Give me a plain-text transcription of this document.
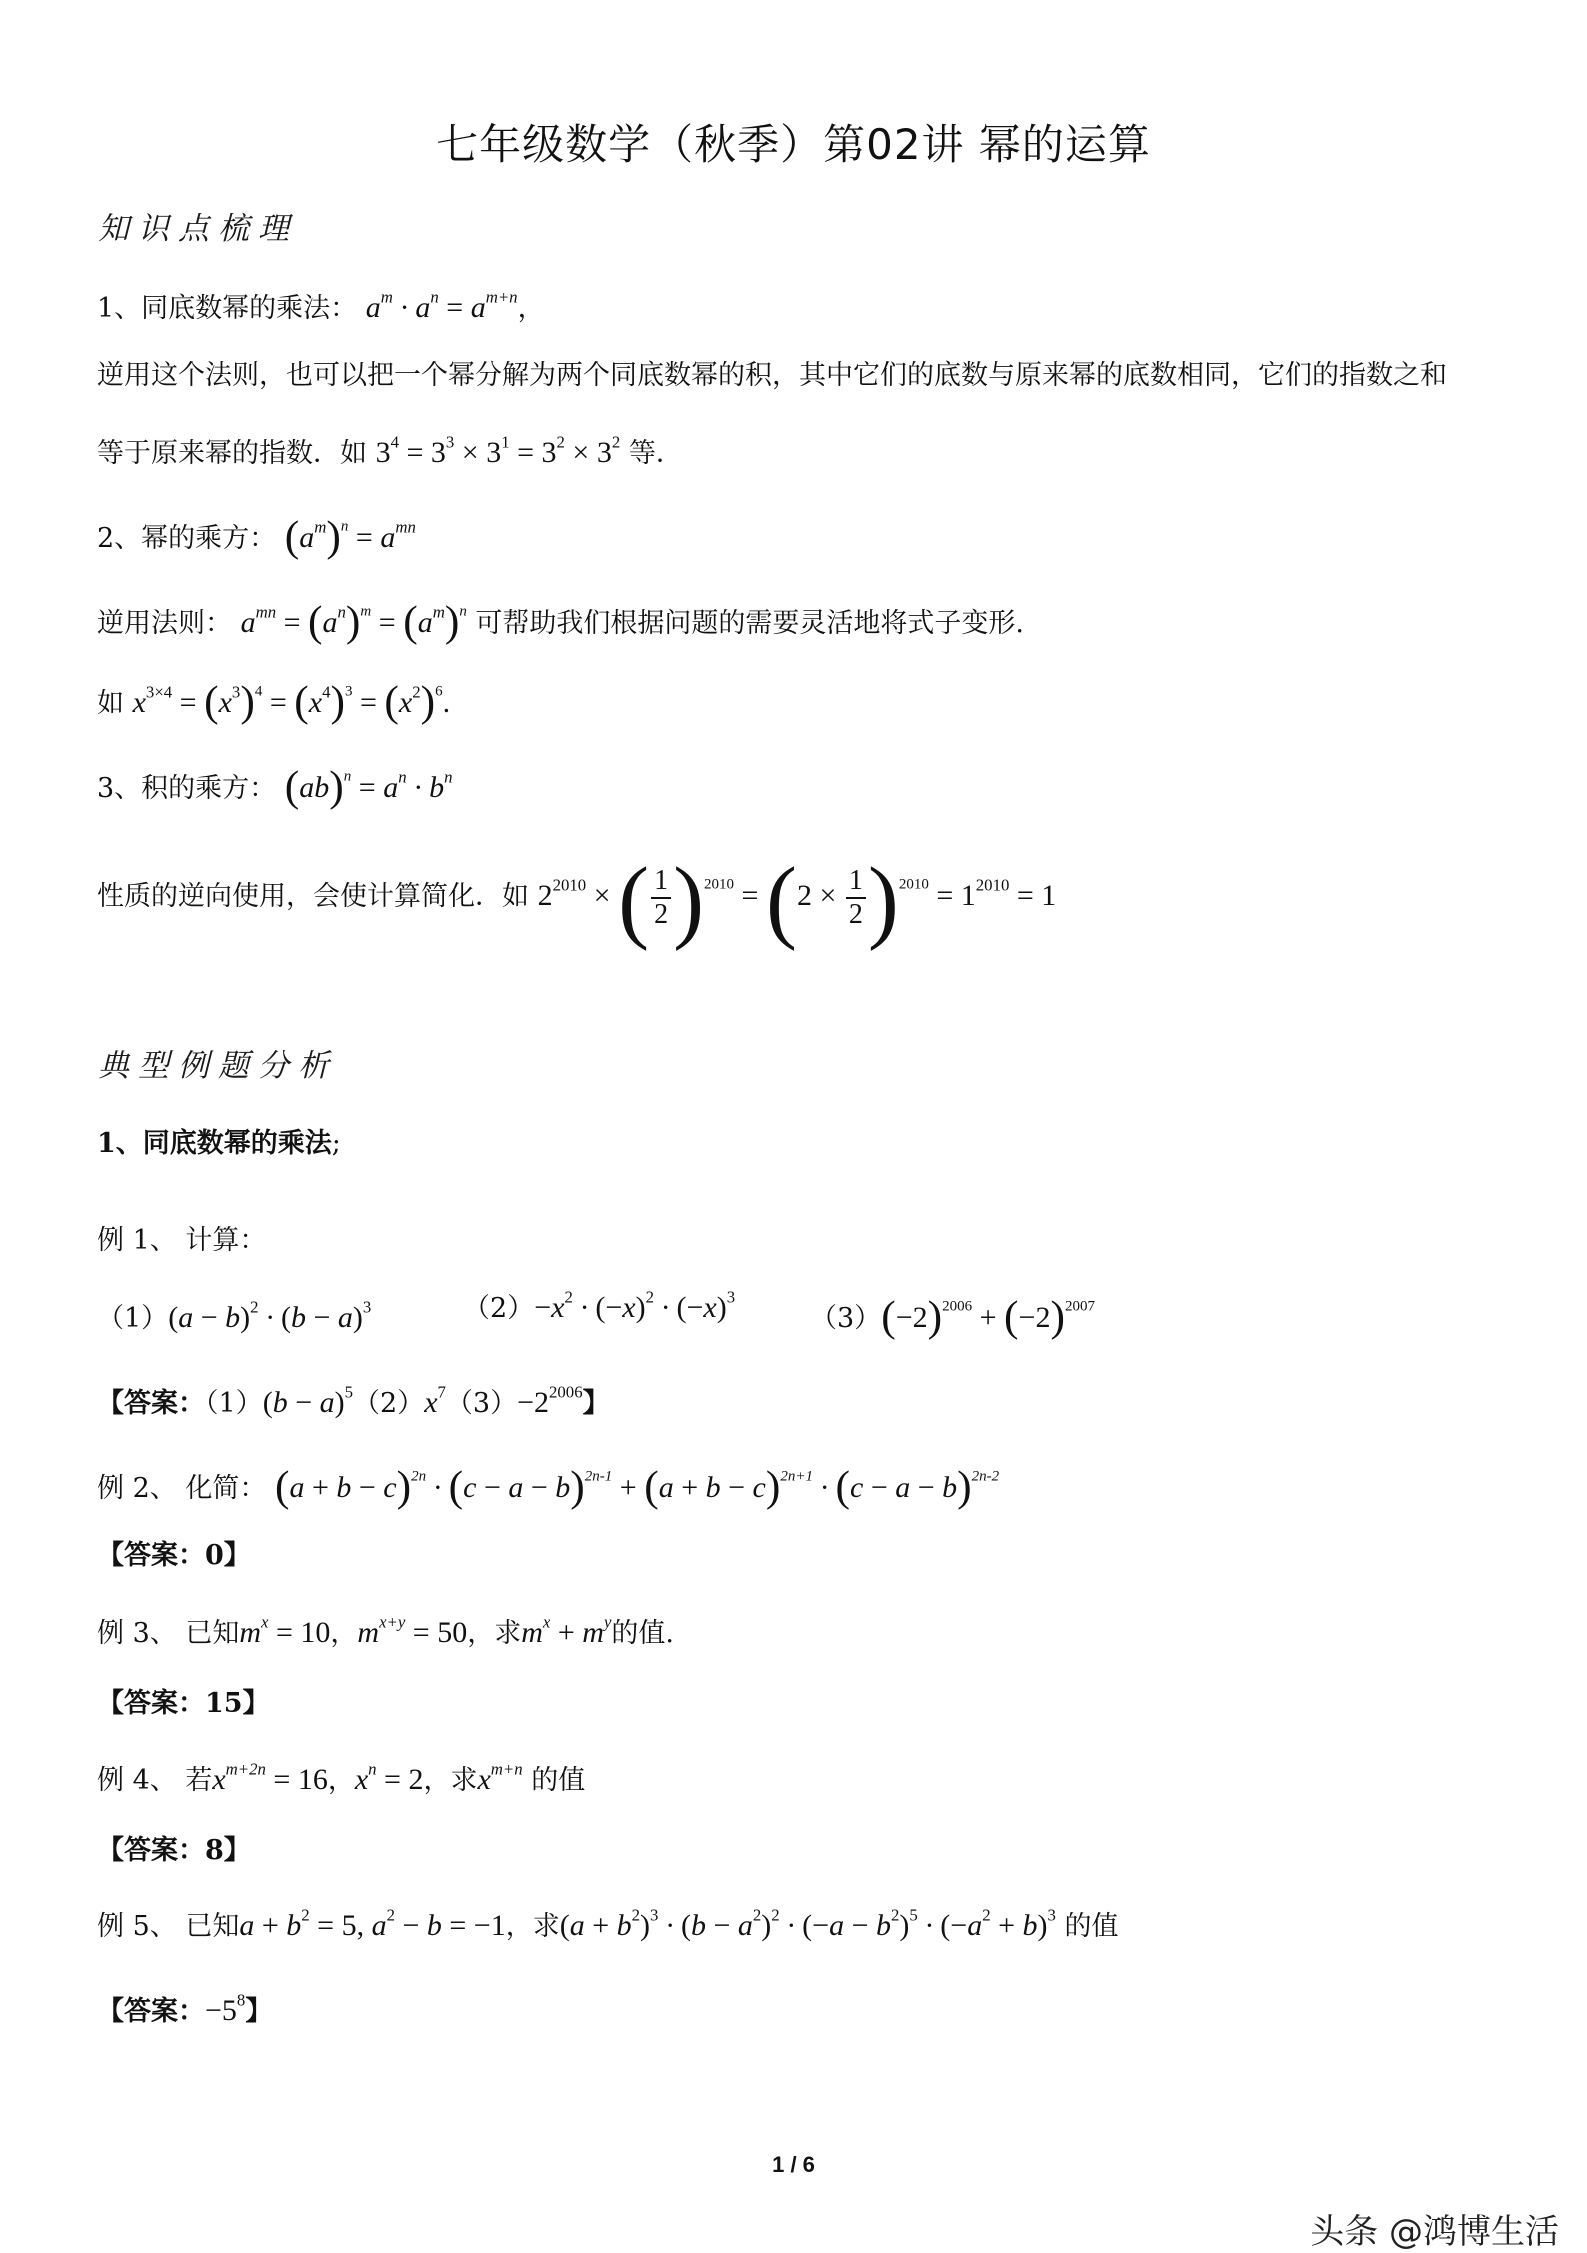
七年级数学（秋季）第02讲 幂的运算
知识点梳理
1、同底数幂的乘法： $a^m \cdot a^n = a^{m+n}$，
逆用这个法则，也可以把一个幂分解为两个同底数幂的积，其中它们的底数与原来幂的底数相同，它们的指数之和
等于原来幂的指数．如 $3^4 = 3^3 \times 3^1 = 3^2 \times 3^2$ 等．
2、幂的乘方： $(a^m)^n = a^{mn}$
逆用法则： $a^{mn} = (a^n)^m = (a^m)^n$ 可帮助我们根据问题的需要灵活地将式子变形.
如 $x^{3\times 4} = (x^3)^4 = (x^4)^3 = (x^2)^6$.
3、积的乘方： $(ab)^n = a^n \cdot b^n$
性质的逆向使用，会使计算简化．如 $2^{2010}$ × ( $\frac{1}{2} )^{2010} = (2 \times \frac{1}{2} )^{2010} = 1^{2010} = 1$
典型例题分析
1、同底数幂的乘法;
例 1、 计算：
$(1)(a - b)^2 \cdot (b - a)^3$	$(2)-x^2 \cdot (-x)^2 \cdot (-x)^3$
$(3)(-2)^{2006} + (-2)^{2007}$
【答案：$(1)(b - a)^5(2)x^7(3)-2^{2006}$】
例 2、 化简： $(a + b - c)^{2n} \cdot (c - a - b)^{2n-1} + (a + b - c)^{2n+1} \cdot (c - a - b)^{2n-2}$
【答案：0】
例 3、 已知$m^x = 10$，$m^{x+y} = 50$，求$m^x + m^y$的值.
【答案：15】
例 4、 若$x^{m+2n} = 16$，$x^n = 2$，求$x^{m+n}$ 的值
【答案：8】
例 5、 已知$a + b^2 = 5$, $a^2 - b = -1$，求$(a + b^2)^3 \cdot (b - a^2)^2 \cdot (-a - b^2)^5 \cdot (-a^2 + b)^3$ 的值
【答案：$-5^8$】
1 / 6
头条 @鸿博生活
